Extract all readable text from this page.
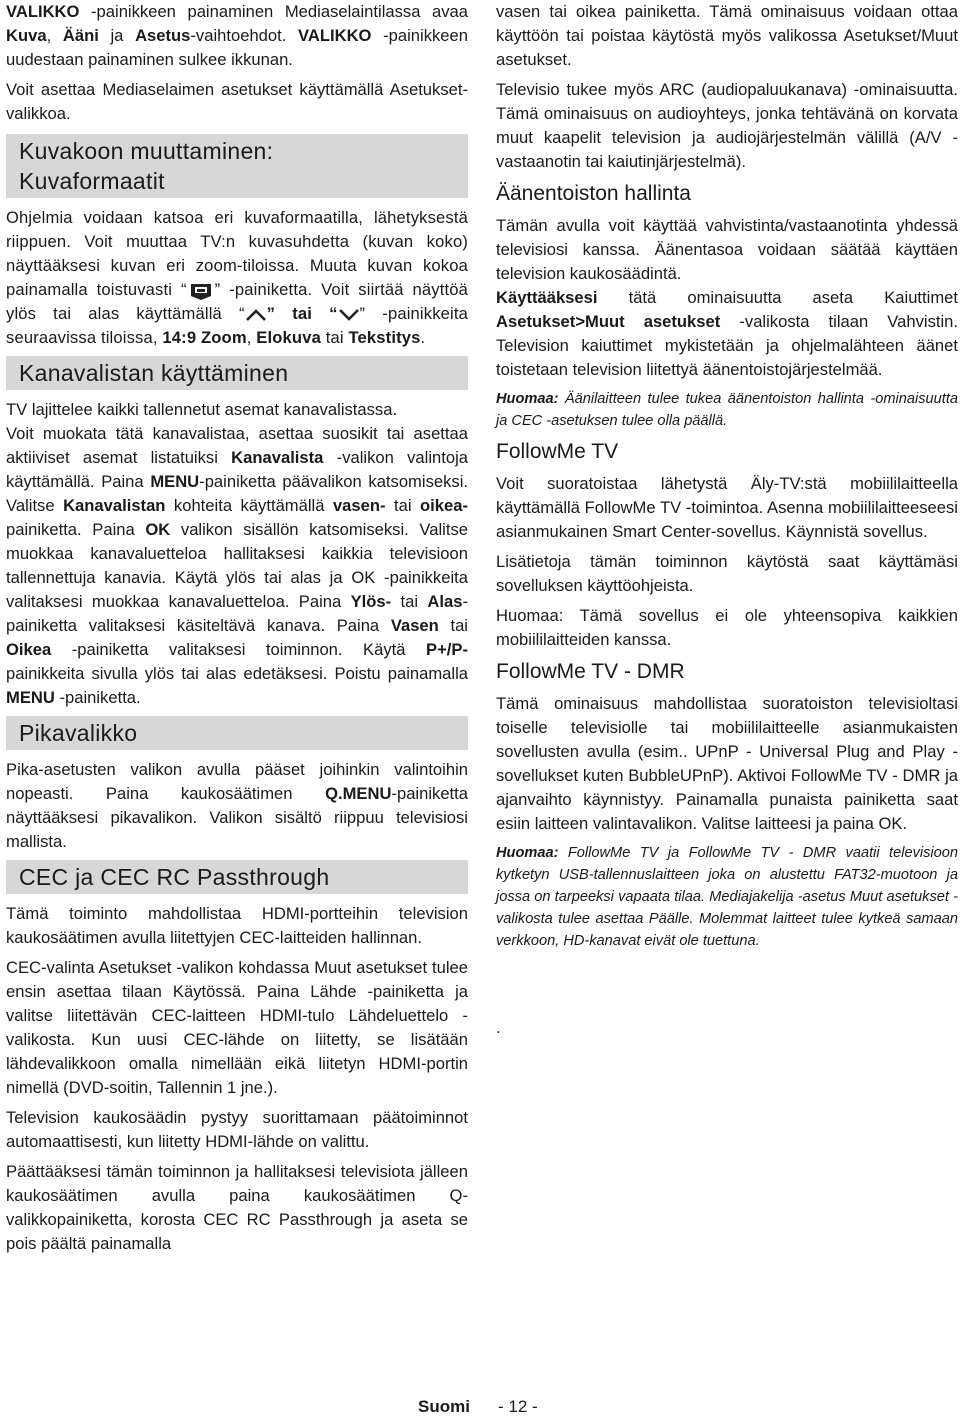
VALIKKO -painikkeen painaminen Mediaselaintilassa avaa Kuva, Ääni ja Asetus-vaihtoehdot. VALIKKO -painikkeen uudestaan painaminen sulkee ikkunan.

Voit asettaa Mediaselaimen asetukset käyttämällä Asetukset-valikkoa.

Kuvakoon muuttaminen:
Kuvaformaatit

Ohjelmia voidaan katsoa eri kuvaformaatilla, lähetyksestä riippuen. Voit muuttaa TV:n kuvasuhdetta (kuvan koko) näyttääksesi kuvan eri zoom-tiloissa. Muuta kuvan kokoa painamalla toistuvasti “ ” -painiketta. Voit siirtää näyttöä ylös tai alas käyttämällä “ ” tai “ ” -painikkeita seuraavissa tiloissa, 14:9 Zoom, Elokuva tai Tekstitys.

Kanavalistan käyttäminen

TV lajittelee kaikki tallennetut asemat kanavalistassa.

Voit muokata tätä kanavalistaa, asettaa suosikit tai asettaa aktiiviset asemat listatuiksi Kanavalista -valikon valintoja käyttämällä. Paina MENU-painiketta päävalikon katsomiseksi. Valitse Kanavalistan kohteita käyttämällä vasen- tai oikea- painiketta. Paina OK valikon sisällön katsomiseksi. Valitse muokkaa kanavaluetteloa hallitaksesi kaikkia televisioon tallennettuja kanavia. Käytä ylös tai alas ja OK -painikkeita valitaksesi muokkaa kanavaluetteloa. Paina Ylös- tai Alas-painiketta valitaksesi käsiteltävä kanava. Paina Vasen tai Oikea -painiketta valitaksesi toiminnon. Käytä P+/P- painikkeita sivulla ylös tai alas edetäksesi. Poistu painamalla MENU -painiketta.

Pikavalikko

Pika-asetusten valikon avulla pääset joihinkin valintoihin nopeasti. Paina kaukosäätimen Q.MENU-painiketta näyttääksesi pikavalikon. Valikon sisältö riippuu televisiosi mallista.

CEC ja CEC RC Passthrough

Tämä toiminto mahdollistaa HDMI-portteihin television kaukosäätimen avulla liitettyjen CEC-laitteiden hallinnan.

CEC-valinta Asetukset -valikon kohdassa Muut asetukset tulee ensin asettaa tilaan Käytössä. Paina Lähde -painiketta ja valitse liitettävän CEC-laitteen HDMI-tulo Lähdeluettelo -valikosta. Kun uusi CEC-lähde on liitetty, se lisätään lähdevalikkoon omalla nimellään eikä liitetyn HDMI-portin nimellä (DVD-soitin, Tallennin 1 jne.).

Television kaukosäädin pystyy suorittamaan päätoiminnot automaattisesti, kun liitetty HDMI-lähde on valittu.

Päättääksesi tämän toiminnon ja hallitaksesi televisiota jälleen kaukosäätimen avulla paina kaukosäätimen Q-valikkopainiketta, korosta CEC RC Passthrough ja aseta se pois päältä painamalla

vasen tai oikea painiketta. Tämä ominaisuus voidaan ottaa käyttöön tai poistaa käytöstä myös valikossa Asetukset/Muut asetukset.

Televisio tukee myös ARC (audiopaluukanava) -ominaisuutta. Tämä ominaisuus on audioyhteys, jonka tehtävänä on korvata muut kaapelit television ja audiojärjestelmän välillä (A/V -vastaanotin tai kaiutinjärjestelmä).

Äänentoiston hallinta

Tämän avulla voit käyttää vahvistinta/vastaanotinta yhdessä televisiosi kanssa. Äänentasoa voidaan säätää käyttäen television kaukosäädintä.

Käyttääksesi tätä ominaisuutta aseta Kaiuttimet Asetukset>Muut asetukset -valikosta tilaan Vahvistin. Television kaiuttimet mykistetään ja ohjelmalähteen äänet toistetaan television liitettyä äänentoistojärjestelmää.

Huomaa: Äänilaitteen tulee tukea äänentoiston hallinta -ominaisuutta ja CEC -asetuksen tulee olla päällä.

FollowMe TV

Voit suoratoistaa lähetystä Äly-TV:stä mobiililaitteella käyttämällä FollowMe TV -toimintoa. Asenna mobiililaitteeseesi asianmukainen Smart Center-sovellus. Käynnistä sovellus.

Lisätietoja tämän toiminnon käytöstä saat käyttämäsi sovelluksen käyttöohjeista.

Huomaa: Tämä sovellus ei ole yhteensopiva kaikkien mobiililaitteiden kanssa.

FollowMe TV - DMR

Tämä ominaisuus mahdollistaa suoratoiston televisioltasi toiselle televisiolle tai mobiililaitteelle asianmukaisten sovellusten avulla (esim.. UPnP - Universal Plug and Play - sovellukset kuten BubbleUPnP). Aktivoi FollowMe TV - DMR ja ajanvaihto käynnistyy. Painamalla punaista painiketta saat esiin laitteen valintavalikon. Valitse laitteesi ja paina OK.

Huomaa: FollowMe TV ja FollowMe TV - DMR vaatii televisioon kytketyn USB-tallennuslaitteen joka on alustettu FAT32-muotoon ja jossa on tarpeeksi vapaata tilaa. Mediajakelija -asetus Muut asetukset -valikosta tulee asettaa Päälle. Molemmat laitteet tulee kytkeä samaan verkkoon, HD-kanavat eivät ole tuettuna.

.

Suomi - 12 -
